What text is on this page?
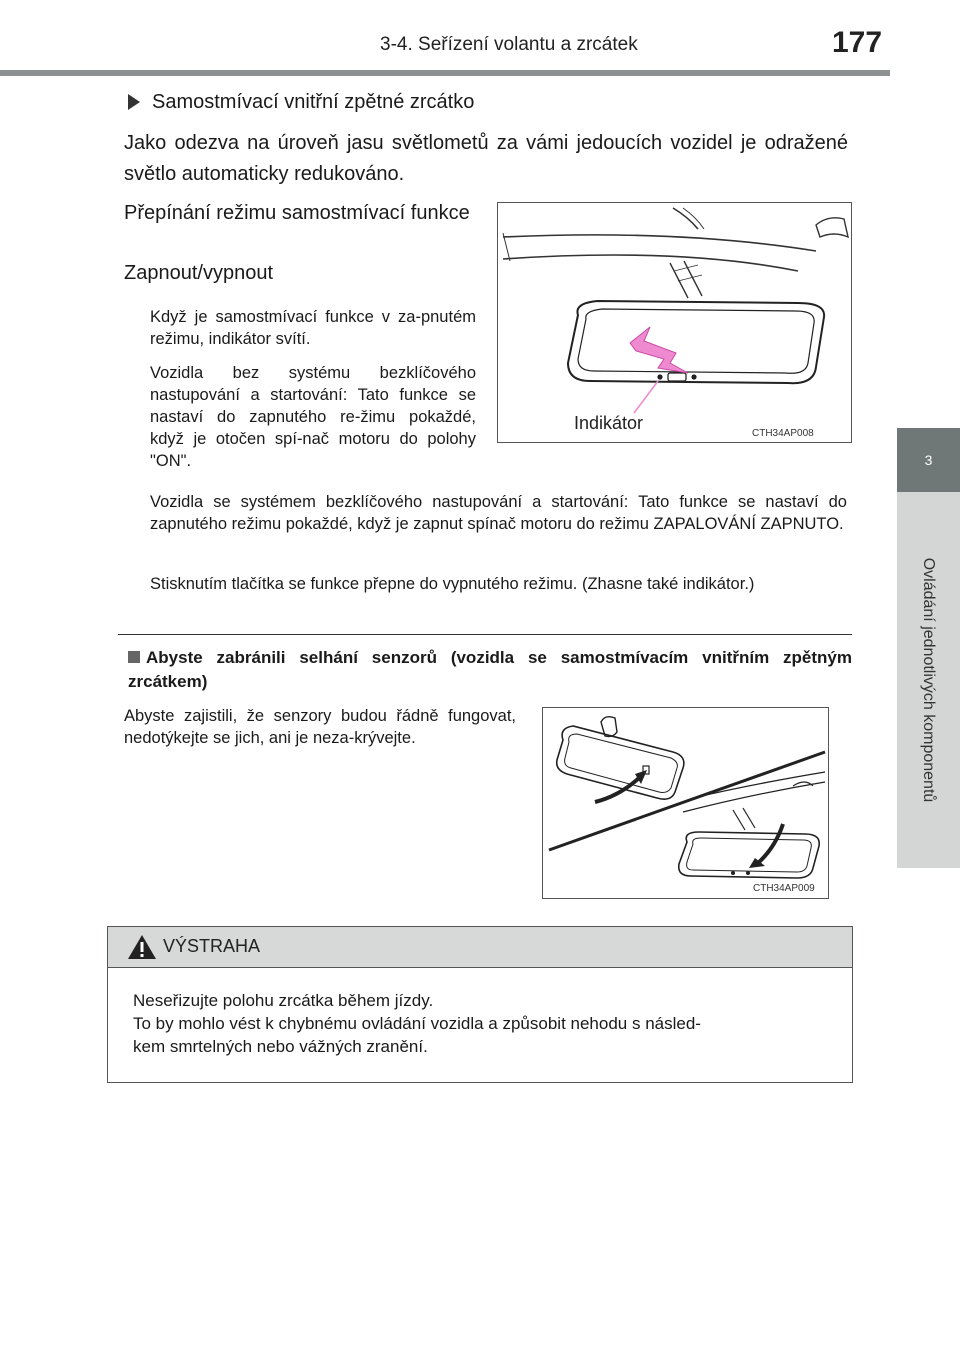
3-4. Seřízení volantu a zrcátek	177
3
Ovládání jednotlivých komponentů
Samostmívací vnitřní zpětné zrcátko
Jako odezva na úroveň jasu světlometů za vámi jedoucích vozidel je odražené světlo automaticky redukováno.
Přepínání režimu samostmívací funkce
Zapnout/vypnout
Když je samostmívací funkce v za-pnutém režimu, indikátor svítí.
Vozidla bez systému bezklíčového nastupování a startování: Tato funkce se nastaví do zapnutého re-žimu pokaždé, když je otočen spí-nač motoru do polohy "ON".
Vozidla se systémem bezklíčového nastupování a startování: Tato funkce se nastaví do zapnutého režimu pokaždé, když je zapnut spínač motoru do režimu ZAPALOVÁNÍ ZAPNUTO.
Stisknutím tlačítka se funkce přepne do vypnutého režimu. (Zhasne také indikátor.)
Abyste zabránili selhání senzorů (vozidla se samostmívacím vnitřním zpětným zrcátkem)
Abyste zajistili, že senzory budou řádně fungovat, nedotýkejte se jich, ani je neza-krývejte.
Indikátor
CTH34AP008
CTH34AP009
VÝSTRAHA
Neseřizujte polohu zrcátka během jízdy.
To by mohlo vést k chybnému ovládání vozidla a způsobit nehodu s násled-
kem smrtelných nebo vážných zranění.
